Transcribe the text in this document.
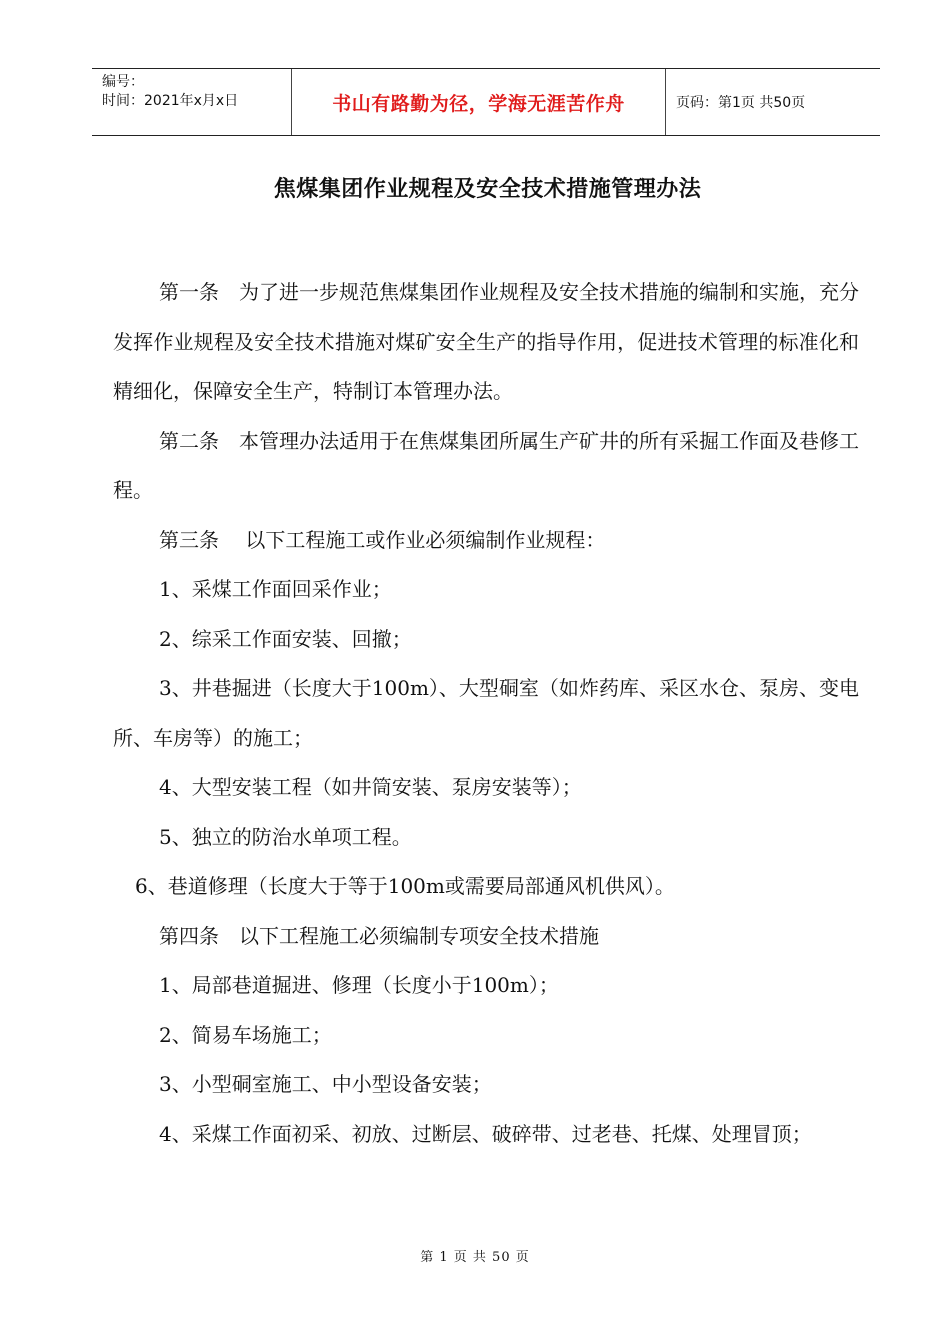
编号：
时间：2021年x月x日	书山有路勤为径，学海无涯苦作舟	页码：第1页 共50页
焦煤集团作业规程及安全技术措施管理办法

第一条　为了进一步规范焦煤集团作业规程及安全技术措施的编制和实施，充分发挥作业规程及安全技术措施对煤矿安全生产的指导作用，促进技术管理的标准化和精细化，保障安全生产，特制订本管理办法。

第二条　本管理办法适用于在焦煤集团所属生产矿井的所有采掘工作面及巷修工程。

第三条　 以下工程施工或作业必须编制作业规程：

1、采煤工作面回采作业；

2、综采工作面安装、回撤；

3、井巷掘进（长度大于100m）、大型硐室（如炸药库、采区水仓、泵房、变电所、车房等）的施工；

4、大型安装工程（如井筒安装、泵房安装等）；

5、独立的防治水单项工程。

6、巷道修理（长度大于等于100m或需要局部通风机供风）。

第四条　以下工程施工必须编制专项安全技术措施

1、局部巷道掘进、修理（长度小于100m）；

2、简易车场施工；

3、小型硐室施工、中小型设备安装；

4、采煤工作面初采、初放、过断层、破碎带、过老巷、托煤、处理冒顶；

第 1 页 共 50 页
